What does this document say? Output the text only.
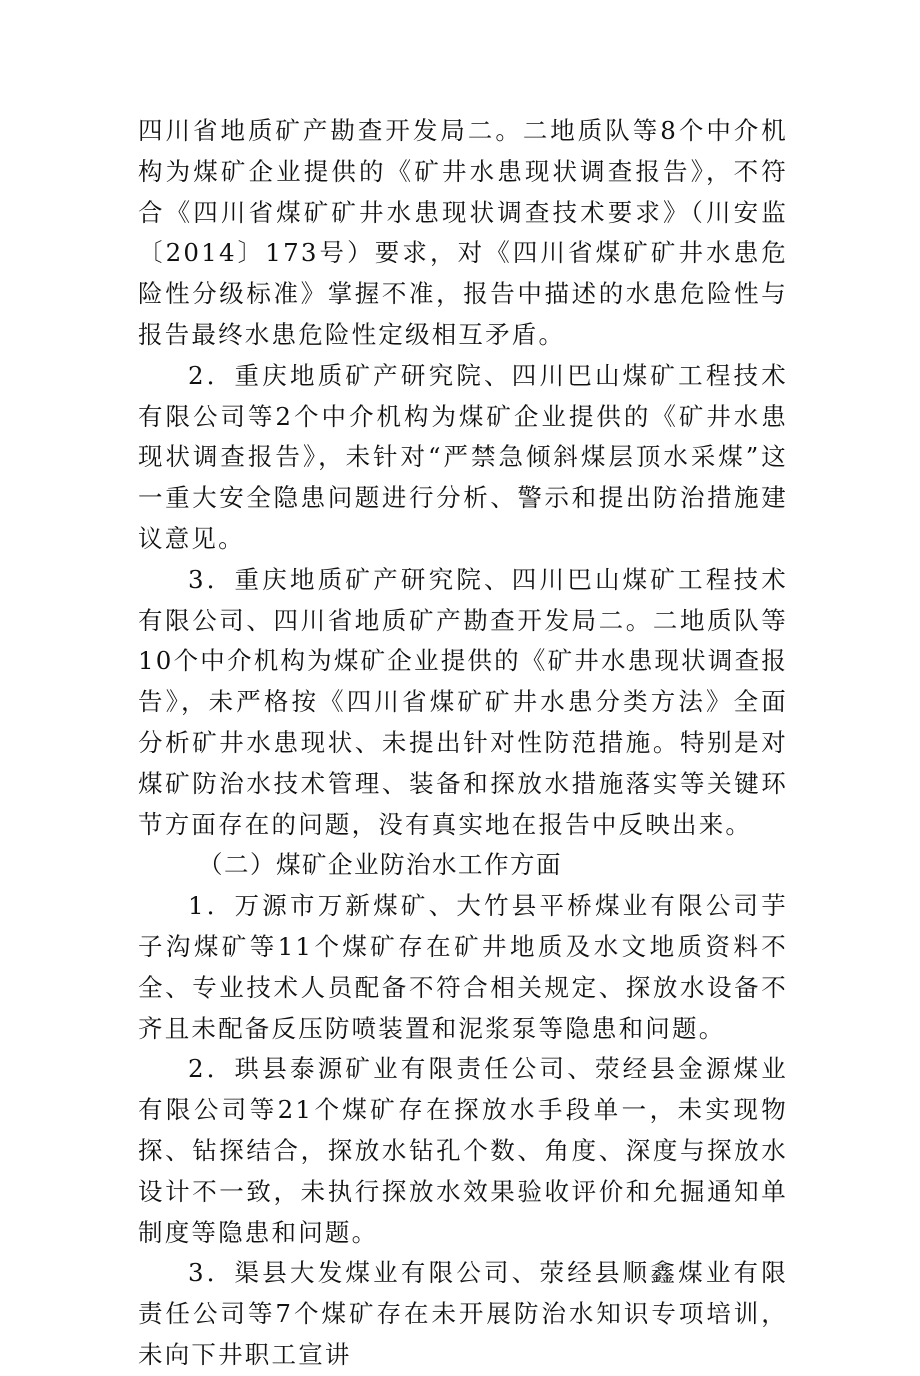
四川省地质矿产勘查开发局二。二地质队等8个中介机构为煤矿企业提供的《矿井水患现状调查报告》，不符合《四川省煤矿矿井水患现状调查技术要求》（川安监〔2014〕173号）要求，对《四川省煤矿矿井水患危险性分级标准》掌握不准，报告中描述的水患危险性与报告最终水患危险性定级相互矛盾。

2．重庆地质矿产研究院、四川巴山煤矿工程技术有限公司等2个中介机构为煤矿企业提供的《矿井水患现状调查报告》，未针对“严禁急倾斜煤层顶水采煤”这一重大安全隐患问题进行分析、警示和提出防治措施建议意见。

3．重庆地质矿产研究院、四川巴山煤矿工程技术有限公司、四川省地质矿产勘查开发局二。二地质队等10个中介机构为煤矿企业提供的《矿井水患现状调查报告》，未严格按《四川省煤矿矿井水患分类方法》全面分析矿井水患现状、未提出针对性防范措施。特别是对煤矿防治水技术管理、装备和探放水措施落实等关键环节方面存在的问题，没有真实地在报告中反映出来。

（二）煤矿企业防治水工作方面

1．万源市万新煤矿、大竹县平桥煤业有限公司芋子沟煤矿等11个煤矿存在矿井地质及水文地质资料不全、专业技术人员配备不符合相关规定、探放水设备不齐且未配备反压防喷装置和泥浆泵等隐患和问题。

2．珙县泰源矿业有限责任公司、荥经县金源煤业有限公司等21个煤矿存在探放水手段单一，未实现物探、钻探结合，探放水钻孔个数、角度、深度与探放水设计不一致，未执行探放水效果验收评价和允掘通知单制度等隐患和问题。

3．渠县大发煤业有限公司、荥经县顺鑫煤业有限责任公司等7个煤矿存在未开展防治水知识专项培训，未向下井职工宣讲
